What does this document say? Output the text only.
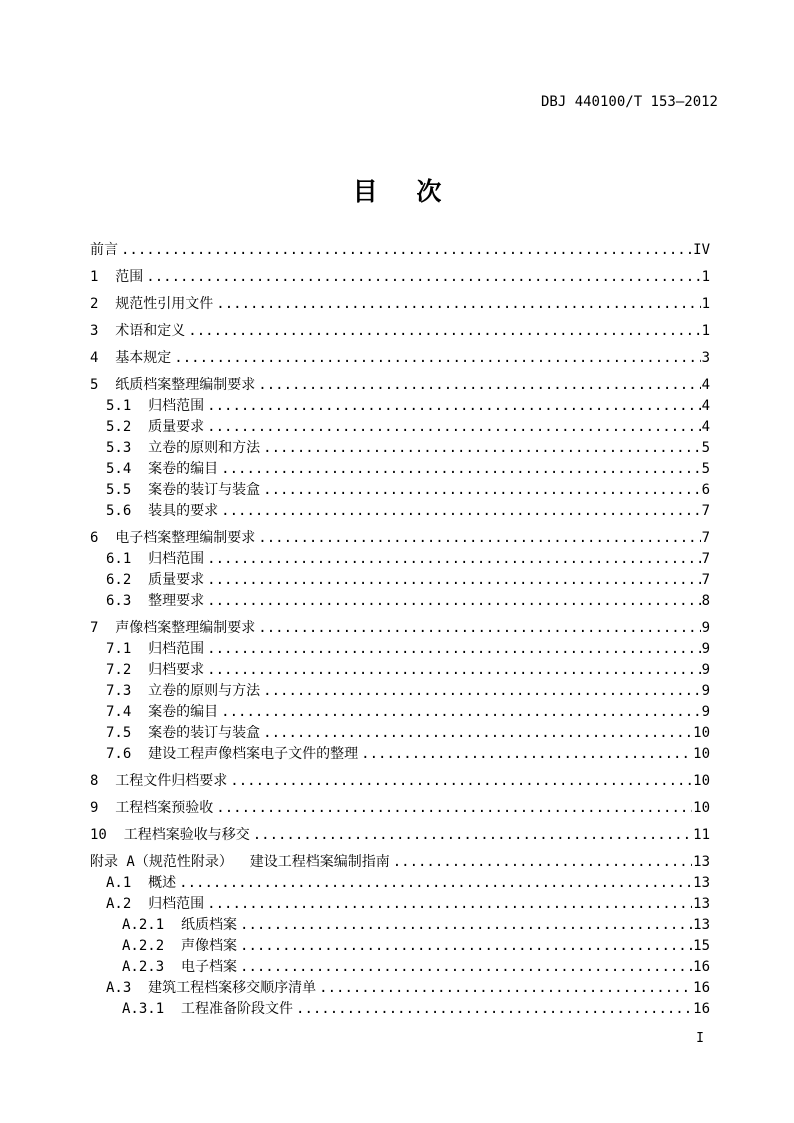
DBJ 440100/T 153—2012
目 次
前言 .....	IV
1  范围 .....	1
2  规范性引用文件 .....	1
3  术语和定义 .....	1
4  基本规定 .....	3
5  纸质档案整理编制要求 .....	4
5.1  归档范围 .....	4
5.2  质量要求 .....	4
5.3  立卷的原则和方法 .....	5
5.4  案卷的编目 .....	5
5.5  案卷的装订与装盒 .....	6
5.6  装具的要求 .....	7
6  电子档案整理编制要求 .....	7
6.1  归档范围 .....	7
6.2  质量要求 .....	7
6.3  整理要求 .....	8
7  声像档案整理编制要求 .....	9
7.1  归档范围 .....	9
7.2  归档要求 .....	9
7.3  立卷的原则与方法 .....	9
7.4  案卷的编目 .....	9
7.5  案卷的装订与装盒 .....	10
7.6  建设工程声像档案电子文件的整理 .....	10
8  工程文件归档要求 .....	10
9  工程档案预验收 .....	10
10  工程档案验收与移交 .....	11
附录 A（规范性附录）  建设工程档案编制指南 .....	13
A.1  概述 .....	13
A.2  归档范围 .....	13
A.2.1  纸质档案 .....	13
A.2.2  声像档案 .....	15
A.2.3  电子档案 .....	16
A.3  建筑工程档案移交顺序清单 .....	16
A.3.1  工程准备阶段文件 .....	16
I
